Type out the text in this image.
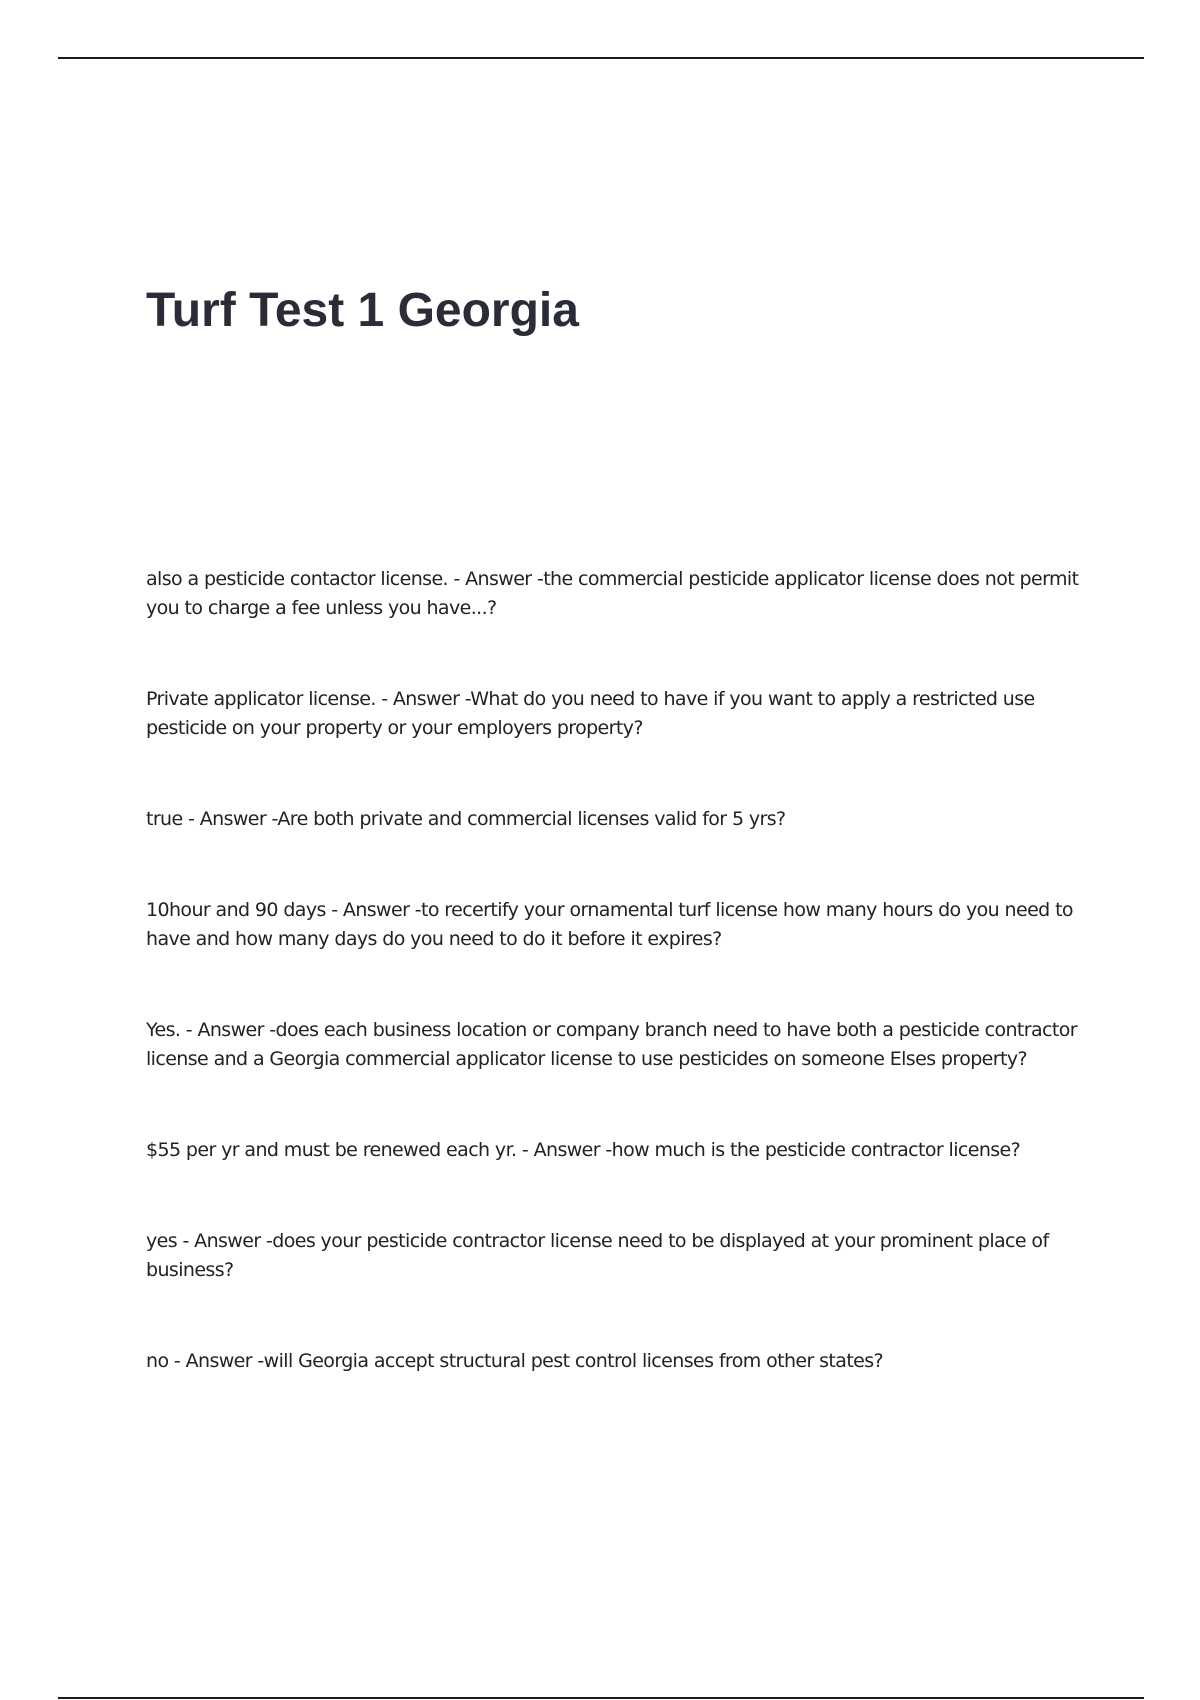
Turf Test 1 Georgia
also a pesticide contactor license. - Answer -the commercial pesticide applicator license does not permit you to charge a fee unless you have...?
Private applicator license. - Answer -What do you need to have if you want to apply a restricted use pesticide on your property or your employers property?
true - Answer -Are both private and commercial licenses valid for 5 yrs?
10hour and 90 days - Answer -to recertify your ornamental turf license how many hours do you need to have and how many days do you need to do it before it expires?
Yes. - Answer -does each business location or company branch need to have both a pesticide contractor license and a Georgia commercial applicator license to use pesticides on someone Elses property?
$55 per yr and must be renewed each yr. - Answer -how much is the pesticide contractor license?
yes - Answer -does your pesticide contractor license need to be displayed at your prominent place of business?
no - Answer -will Georgia accept structural pest control licenses from other states?
